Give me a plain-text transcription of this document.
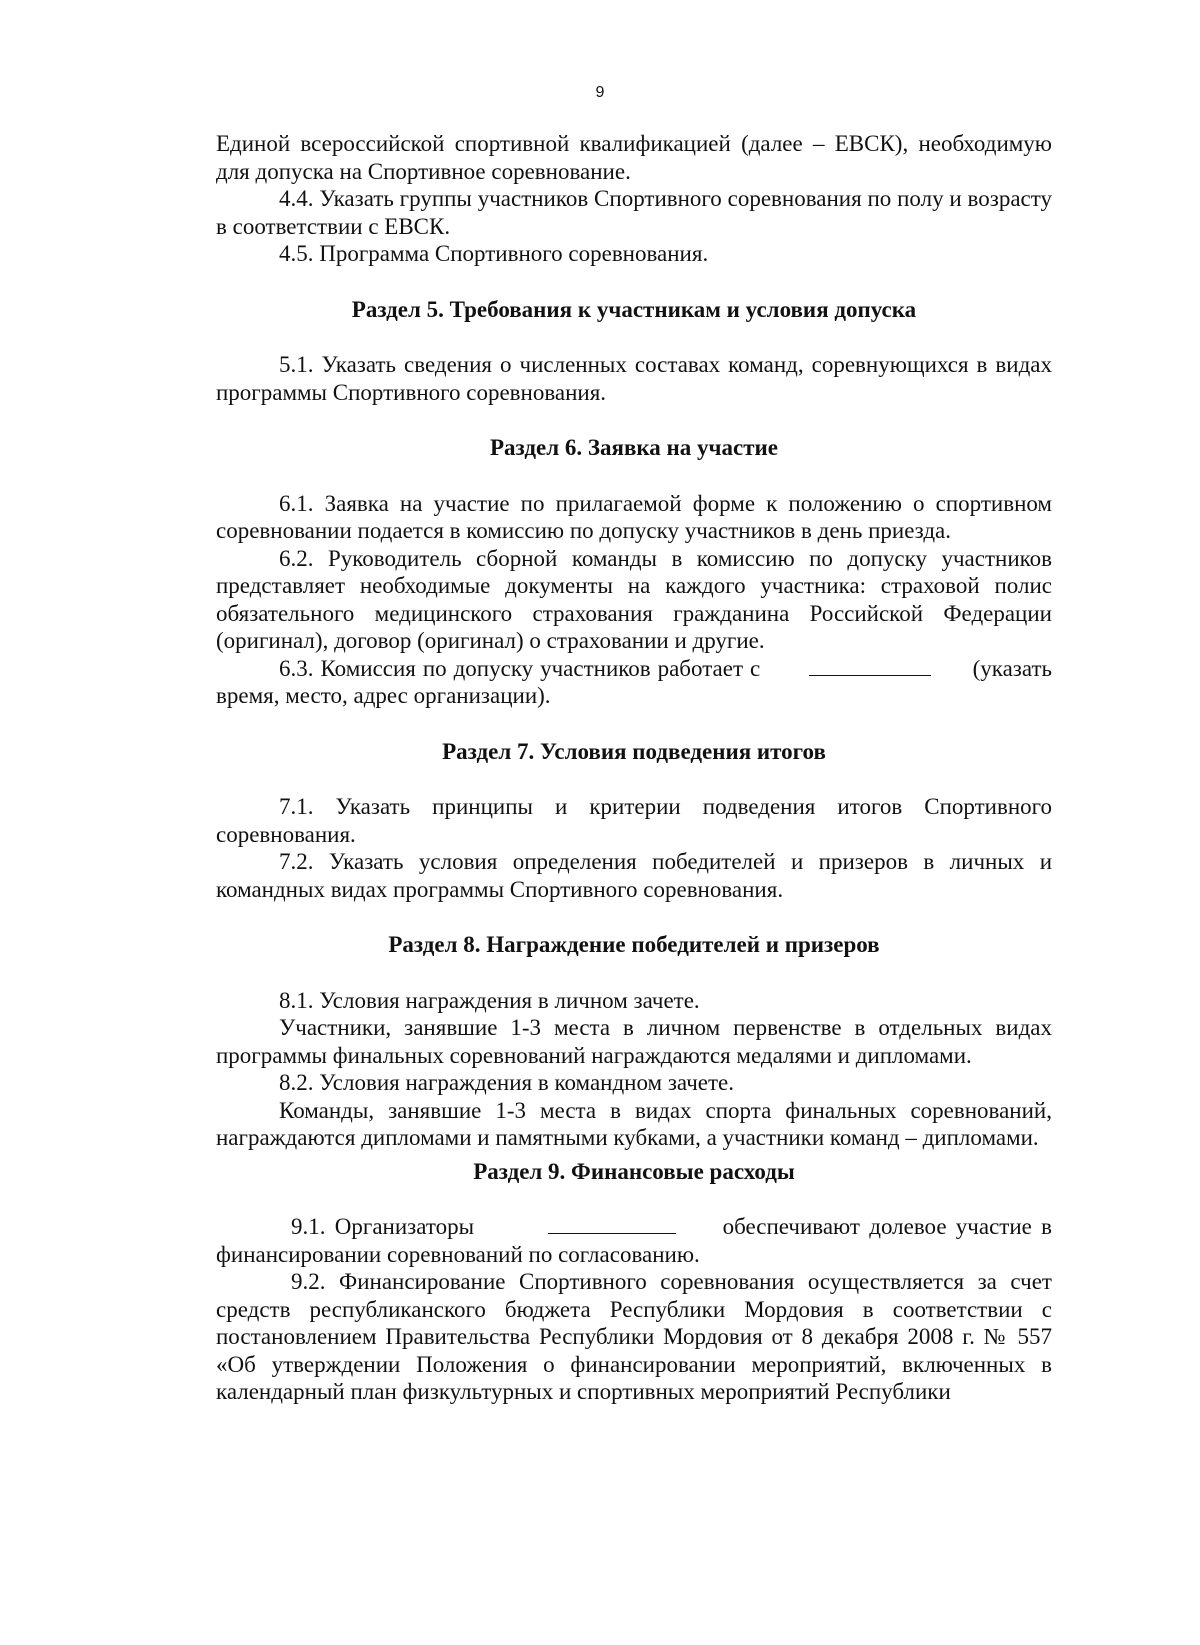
9

Единой всероссийской спортивной квалификацией (далее – ЕВСК), необходимую для допуска на Спортивное соревнование.

4.4. Указать группы участников Спортивного соревнования по полу и возрасту в соответствии с ЕВСК.

4.5. Программа Спортивного соревнования.

Раздел 5. Требования к участникам и условия допуска

5.1. Указать сведения о численных составах команд, соревнующихся в видах программы Спортивного соревнования.

Раздел 6. Заявка на участие

6.1. Заявка на участие по прилагаемой форме к положению о спортивном соревновании подается в комиссию по допуску участников в день приезда.

6.2. Руководитель сборной команды в комиссию по допуску участников представляет необходимые документы на каждого участника: страховой полис обязательного медицинского страхования гражданина Российской Федерации (оригинал), договор (оригинал) о страховании и другие.

6.3. Комиссия по допуску участников работает с	(указать время, место, адрес организации).

Раздел 7. Условия подведения итогов

7.1. Указать принципы и критерии подведения итогов Спортивного соревнования.

7.2. Указать условия определения победителей и призеров в личных и командных видах программы Спортивного соревнования.

Раздел 8. Награждение победителей и призеров

8.1. Условия награждения в личном зачете.

Участники, занявшие 1-3 места в личном первенстве в отдельных видах программы финальных соревнований награждаются медалями и дипломами.

8.2. Условия награждения в командном зачете.

Команды, занявшие 1-3 места в видах спорта финальных соревнований, награждаются дипломами и памятными кубками, а участники команд – дипломами.

Раздел 9. Финансовые расходы

9.1. Организаторы	обеспечивают долевое участие в финансировании соревнований по согласованию.

9.2. Финансирование Спортивного соревнования осуществляется за счет средств республиканского бюджета Республики Мордовия в соответствии с постановлением Правительства Республики Мордовия от 8 декабря 2008 г. № 557 «Об утверждении Положения о финансировании мероприятий, включенных в календарный план физкультурных и спортивных мероприятий Республики
